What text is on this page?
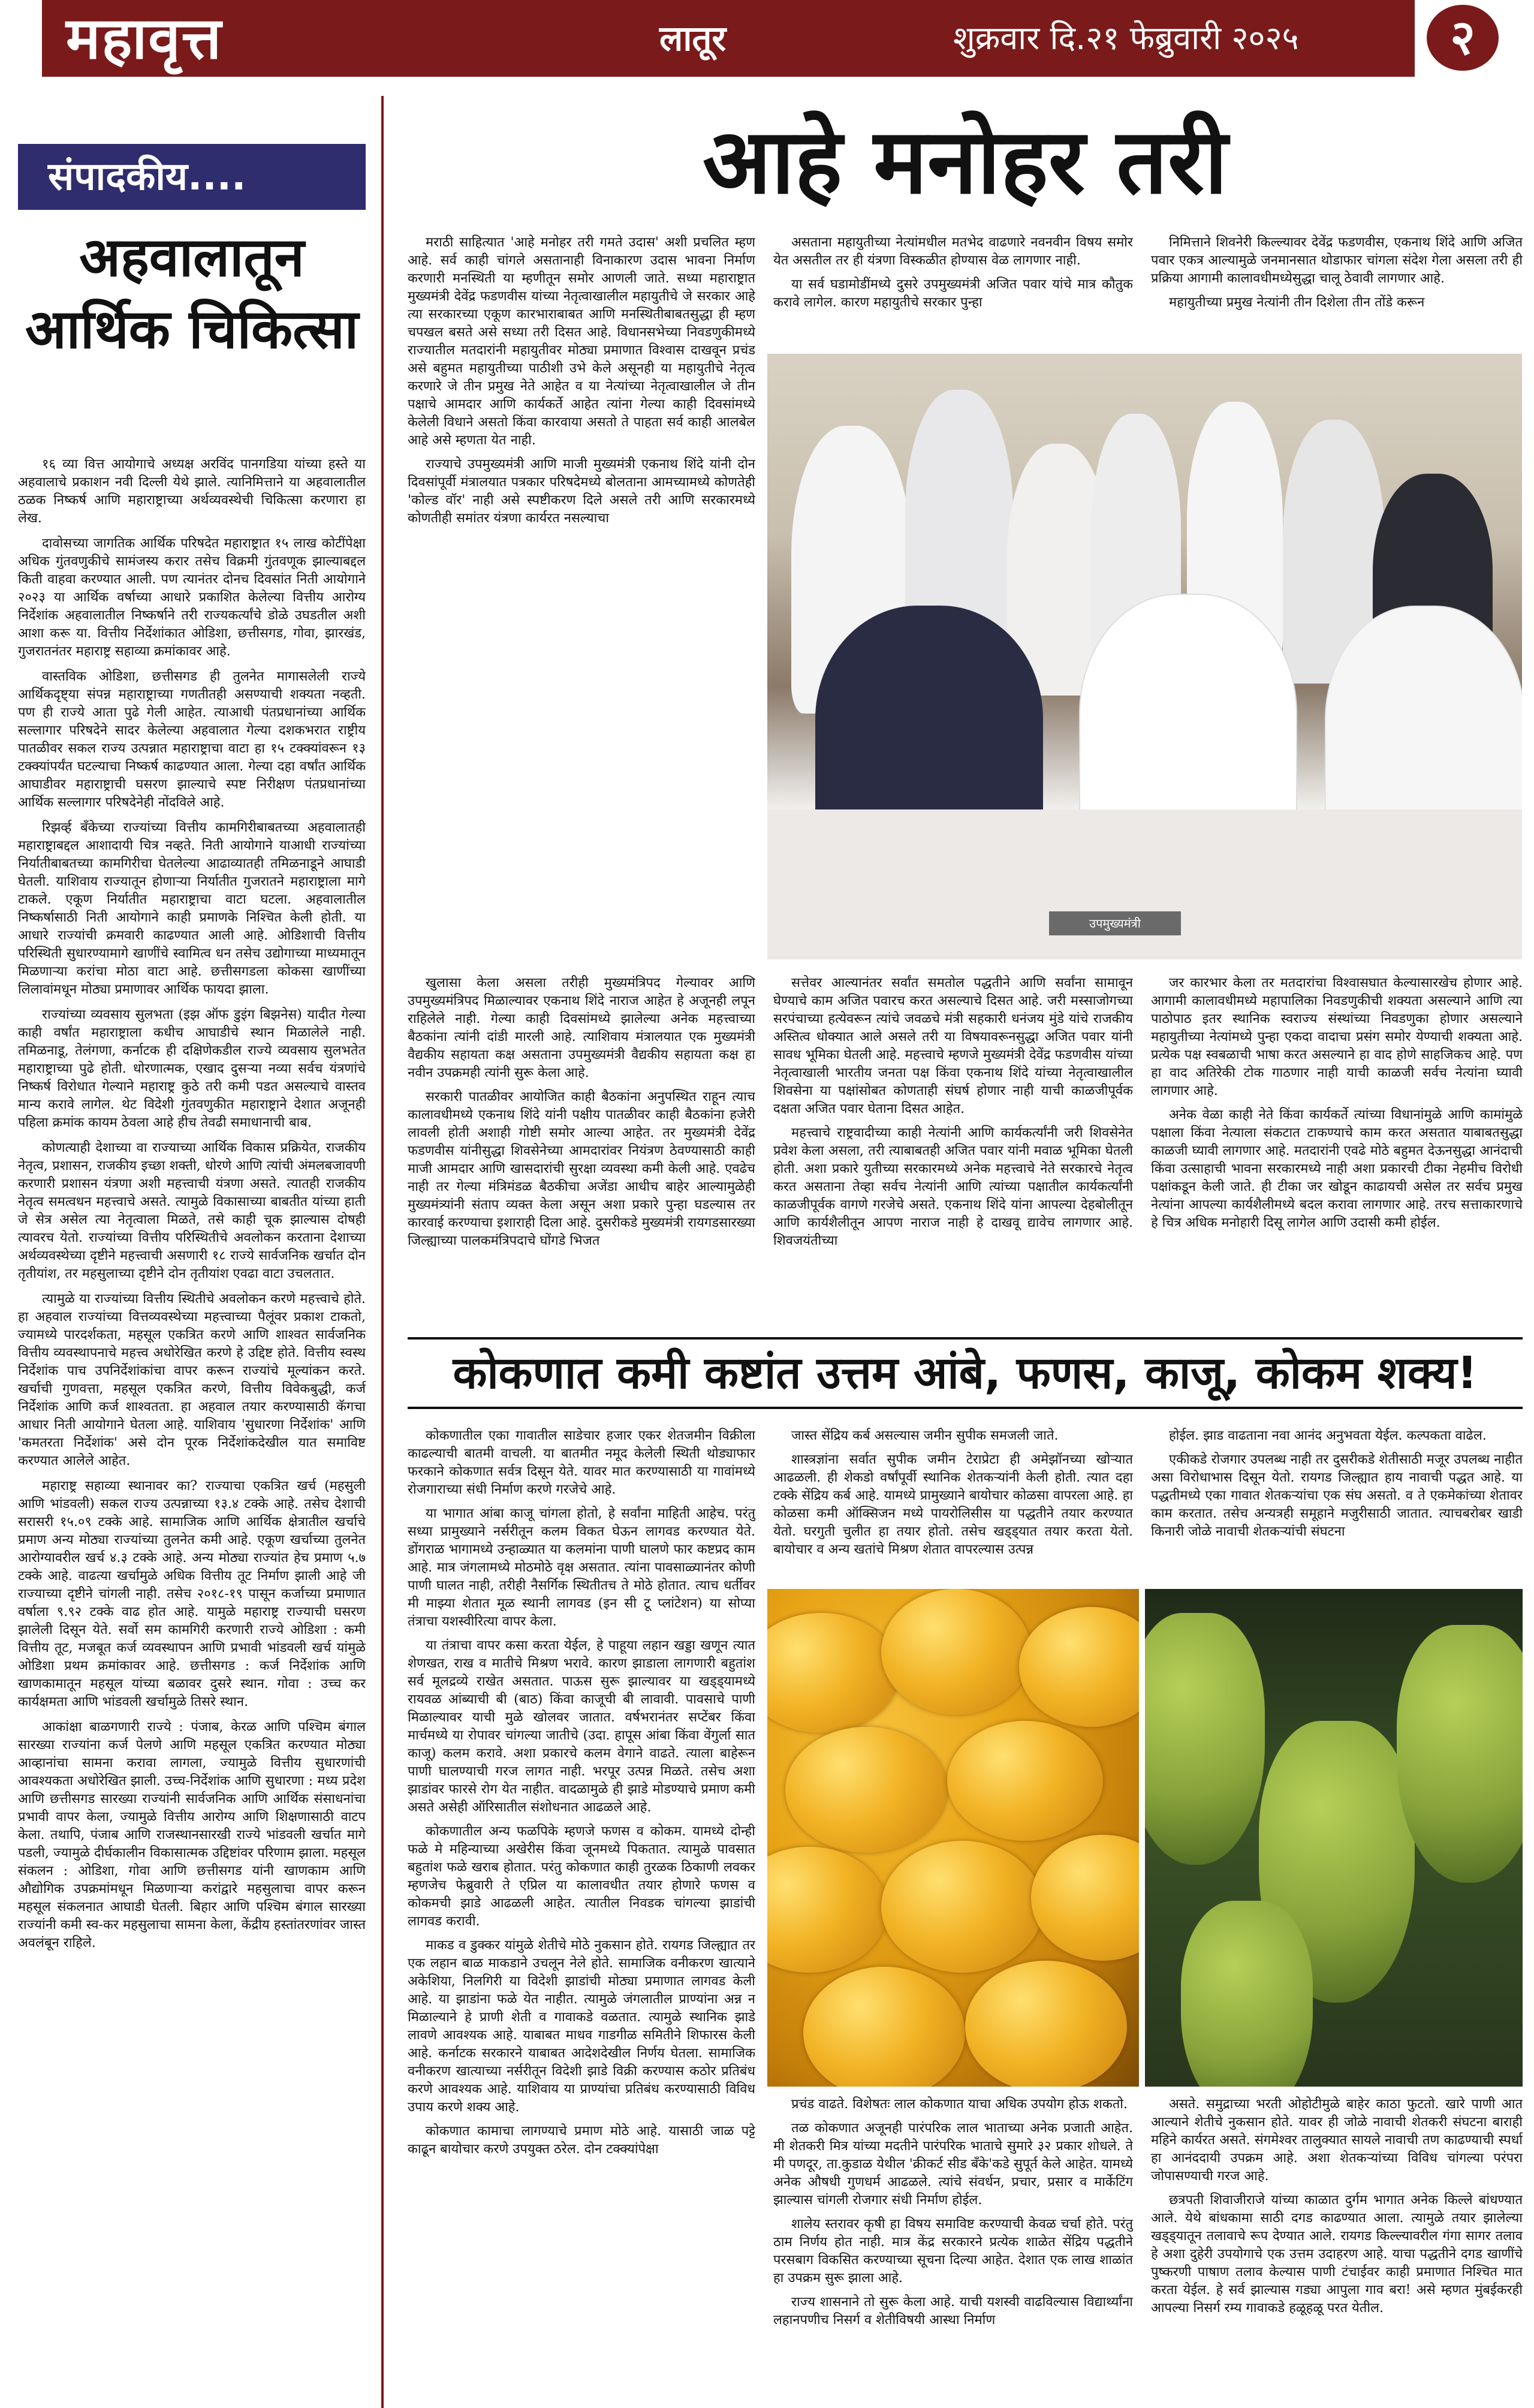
महावृत्त	लातूर	शुक्रवार दि.२१ फेब्रुवारी २०२५	२
संपादकीय....
अहवालातून आर्थिक चिकित्सा

१६ व्या वित्त आयोगाचे अध्यक्ष अरविंद पानगडिया यांच्या हस्ते या अहवालाचे प्रकाशन नवी दिल्ली येथे झाले. त्यानिमित्ताने या अहवालातील ठळक निष्कर्ष आणि महाराष्ट्राच्या अर्थव्यवस्थेची चिकित्सा करणारा हा लेख.

दावोसच्या जागतिक आर्थिक परिषदेत महाराष्ट्रात १५ लाख कोटींपेक्षा अधिक गुंतवणुकीचे सामंजस्य करार तसेच विक्रमी गुंतवणूक झाल्याबद्दल किती वाहवा करण्यात आली. पण त्यानंतर दोनच दिवसांत निती आयोगाने २०२३ या आर्थिक वर्षाच्या आधारे प्रकाशित केलेल्या वित्तीय आरोग्य निर्देशांक अहवालातील निष्कर्षाने तरी राज्यकर्त्यांचे डोळे उघडतील अशी आशा करू या. वित्तीय निर्देशांकात ओडिशा, छत्तीसगड, गोवा, झारखंड, गुजरातनंतर महाराष्ट्र सहाव्या क्रमांकावर आहे.

वास्तविक ओडिशा, छत्तीसगड ही तुलनेत मागासलेली राज्ये आर्थिकदृष्ट्या संपन्न महाराष्ट्राच्या गणतीतही असण्याची शक्यता नव्हती. पण ही राज्ये आता पुढे गेली आहेत. त्याआधी पंतप्रधानांच्या आर्थिक सल्लागार परिषदेने सादर केलेल्या अहवालात गेल्या दशकभरात राष्ट्रीय पातळीवर सकल राज्य उत्पन्नात महाराष्ट्राचा वाटा हा १५ टक्क्यांवरून १३ टक्क्यांपर्यंत घटल्याचा निष्कर्ष काढण्यात आला. गेल्या दहा वर्षांत आर्थिक आघाडीवर महाराष्ट्राची घसरण झाल्याचे स्पष्ट निरीक्षण पंतप्रधानांच्या आर्थिक सल्लागार परिषदेनेही नोंदविले आहे.

रिझर्व्ह बँकेच्या राज्यांच्या वित्तीय कामगिरीबाबतच्या अहवालातही महाराष्ट्राबद्दल आशादायी चित्र नव्हते. निती आयोगाने याआधी राज्यांच्या निर्यातीबाबतच्या कामगिरीचा घेतलेल्या आढाव्यातही तमिळनाडूने आघाडी घेतली. याशिवाय राज्यातून होणाऱ्या निर्यातीत गुजरातने महाराष्ट्राला मागे टाकले. एकूण निर्यातीत महाराष्ट्राचा वाटा घटला. अहवालातील निष्कर्षासाठी निती आयोगाने काही प्रमाणके निश्चित केली होती. या आधारे राज्यांची क्रमवारी काढण्यात आली आहे. ओडिशाची वित्तीय परिस्थिती सुधारण्यामागे खाणींचे स्वामित्व धन तसेच उद्योगाच्या माध्यमातून मिळणाऱ्या करांचा मोठा वाटा आहे. छत्तीसगडला कोकसा खाणींच्या लिलावांमधून मोठ्या प्रमाणावर आर्थिक फायदा झाला.

राज्यांच्या व्यवसाय सुलभता (इझ ऑफ डुइंग बिझनेस) यादीत गेल्या काही वर्षांत महाराष्ट्राला कधीच आघाडीचे स्थान मिळालेले नाही. तमिळनाडू, तेलंगणा, कर्नाटक ही दक्षिणेकडील राज्ये व्यवसाय सुलभतेत महाराष्ट्राच्या पुढे होती. धोरणात्मक, एखाद दुसऱ्या नव्या सर्वच यंत्रणांचे निष्कर्ष विरोधात गेल्याने महाराष्ट्र कुठे तरी कमी पडत असल्याचे वास्तव मान्य करावे लागेल. थेट विदेशी गुंतवणुकीत महाराष्ट्राने देशात अजूनही पहिला क्रमांक कायम ठेवला आहे हीच तेवढी समाधानाची बाब.

कोणत्याही देशाच्या वा राज्याच्या आर्थिक विकास प्रक्रियेत, राजकीय नेतृत्व, प्रशासन, राजकीय इच्छा शक्ती, धोरणे आणि त्यांची अंमलबजावणी करणारी प्रशासन यंत्रणा अशी महत्त्वाची यंत्रणा असते. त्यातही राजकीय नेतृत्व समत्वधन महत्त्वाचे असते. त्यामुळे विकासाच्या बाबतीत यांच्या हाती जे सेत्र असेल त्या नेतृत्वाला मिळते, तसे काही चूक झाल्यास दोषही त्यावरच येतो. राज्यांच्या वित्तीय परिस्थितीचे अवलोकन करताना देशाच्या अर्थव्यवस्थेच्या दृष्टीने महत्त्वाची असणारी १८ राज्ये सार्वजनिक खर्चात दोन तृतीयांश, तर महसुलाच्या दृष्टीने दोन तृतीयांश एवढा वाटा उचलतात.

त्यामुळे या राज्यांच्या वित्तीय स्थितीचे अवलोकन करणे महत्त्वाचे होते. हा अहवाल राज्यांच्या वित्तव्यवस्थेच्या महत्त्वाच्या पैलूंवर प्रकाश टाकतो, ज्यामध्ये पारदर्शकता, महसूल एकत्रित करणे आणि शाश्वत सार्वजनिक वित्तीय व्यवस्थापनाचे महत्त्व अधोरेखित करणे हे उद्दिष्ट होते. वित्तीय स्वस्थ निर्देशांक पाच उपनिर्देशांकांचा वापर करून राज्यांचे मूल्यांकन करते. खर्चाची गुणवत्ता, महसूल एकत्रित करणे, वित्तीय विवेकबुद्धी, कर्ज निर्देशांक आणि कर्ज शाश्वतता. हा अहवाल तयार करण्यासाठी कॅगचा आधार निती आयोगाने घेतला आहे. याशिवाय 'सुधारणा निर्देशांक' आणि 'कमतरता निर्देशांक' असे दोन पूरक निर्देशांकदेखील यात समाविष्ट करण्यात आलेले आहेत.

महाराष्ट्र सहाव्या स्थानावर का? राज्याचा एकत्रित खर्च (महसुली आणि भांडवली) सकल राज्य उत्पन्नाच्या १३.४ टक्के आहे. तसेच देशाची सरासरी १५.०९ टक्के आहे. सामाजिक आणि आर्थिक क्षेत्रातील खर्चाचे प्रमाण अन्य मोठ्या राज्यांच्या तुलनेत कमी आहे. एकूण खर्चाच्या तुलनेत आरोग्यावरील खर्च ४.३ टक्के आहे. अन्य मोठ्या राज्यांत हेच प्रमाण ५.७ टक्के आहे. वाढत्या खर्चामुळे अधिक वित्तीय तूट निर्माण झाली आहे जी राज्याच्या दृष्टीने चांगली नाही. तसेच २०१८-१९ पासून कर्जाच्या प्रमाणात वर्षाला ९.९२ टक्के वाढ होत आहे. यामुळे महाराष्ट्र राज्याची घसरण झालेली दिसून येते. सर्वो सम कामगिरी करणारी राज्ये ओडिशा : कमी वित्तीय तूट, मजबूत कर्ज व्यवस्थापन आणि प्रभावी भांडवली खर्च यांमुळे ओडिशा प्रथम क्रमांकावर आहे. छत्तीसगड : कर्ज निर्देशांक आणि खाणकामातून महसूल यांच्या बळावर दुसरे स्थान. गोवा : उच्च कर कार्यक्षमता आणि भांडवली खर्चामुळे तिसरे स्थान.

आकांक्षा बाळगणारी राज्ये : पंजाब, केरळ आणि पश्चिम बंगाल सारख्या राज्यांना कर्ज पेलणे आणि महसूल एकत्रित करण्यात मोठ्या आव्हानांचा सामना करावा लागला, ज्यामुळे वित्तीय सुधारणांची आवश्यकता अधोरेखित झाली. उच्च-निर्देशांक आणि सुधारणा : मध्य प्रदेश आणि छत्तीसगड सारख्या राज्यांनी सार्वजनिक आणि आर्थिक संसाधनांचा प्रभावी वापर केला, ज्यामुळे वित्तीय आरोग्य आणि शिक्षणासाठी वाटप केला. तथापि, पंजाब आणि राजस्थानसारखी राज्ये भांडवली खर्चात मागे पडली, ज्यामुळे दीर्घकालीन विकासात्मक उद्दिष्टांवर परिणाम झाला. महसूल संकलन : ओडिशा, गोवा आणि छत्तीसगड यांनी खाणकाम आणि औद्योगिक उपक्रमांमधून मिळणाऱ्या करांद्वारे महसुलाचा वापर करून महसूल संकलनात आघाडी घेतली. बिहार आणि पश्चिम बंगाल सारख्या राज्यांनी कमी स्व-कर महसुलाचा सामना केला, केंद्रीय हस्तांतरणांवर जास्त अवलंबून राहिले.

आहे मनोहर तरी

मराठी साहित्यात 'आहे मनोहर तरी गमते उदास' अशी प्रचलित म्हण आहे. सर्व काही चांगले असतानाही विनाकारण उदास भावना निर्माण करणारी मनस्थिती या म्हणीतून समोर आणली जाते. सध्या महाराष्ट्रात मुख्यमंत्री देवेंद्र फडणवीस यांच्या नेतृत्वाखालील महायुतीचे जे सरकार आहे त्या सरकारच्या एकूण कारभाराबाबत आणि मनस्थितीबाबतसुद्धा ही म्हण चपखल बसते असे सध्या तरी दिसत आहे. विधानसभेच्या निवडणुकीमध्ये राज्यातील मतदारांनी महायुतीवर मोठ्या प्रमाणात विश्वास दाखवून प्रचंड असे बहुमत महायुतीच्या पाठीशी उभे केले असूनही या महायुतीचे नेतृत्व करणारे जे तीन प्रमुख नेते आहेत व या नेत्यांच्या नेतृत्वाखालील जे तीन पक्षाचे आमदार आणि कार्यकर्ते आहेत त्यांना गेल्या काही दिवसांमध्ये केलेली विधाने असतो किंवा कारवाया असतो ते पाहता सर्व काही आलबेल आहे असे म्हणता येत नाही.

राज्याचे उपमुख्यमंत्री आणि माजी मुख्यमंत्री एकनाथ शिंदे यांनी दोन दिवसांपूर्वी मंत्रालयात पत्रकार परिषदेमध्ये बोलताना आमच्यामध्ये कोणतेही 'कोल्ड वॉर' नाही असे स्पष्टीकरण दिले असले तरी आणि सरकारमध्ये कोणतीही समांतर यंत्रणा कार्यरत नसल्याचा

असताना महायुतीच्या नेत्यांमधील मतभेद वाढणारे नवनवीन विषय समोर येत असतील तर ही यंत्रणा विस्कळीत होण्यास वेळ लागणार नाही.

या सर्व घडामोडींमध्ये दुसरे उपमुख्यमंत्री अजित पवार यांचे मात्र कौतुक करावे लागेल. कारण महायुतीचे सरकार पुन्हा

निमित्ताने शिवनेरी किल्ल्यावर देवेंद्र फडणवीस, एकनाथ शिंदे आणि अजित पवार एकत्र आल्यामुळे जनमानसात थोडाफार चांगला संदेश गेला असला तरी ही प्रक्रिया आगामी कालावधीमध्येसुद्धा चालू ठेवावी लागणार आहे.

महायुतीच्या प्रमुख नेत्यांनी तीन दिशेला तीन तोंडे करून

उपमुख्यमंत्री

खुलासा केला असला तरीही मुख्यमंत्रिपद गेल्यावर आणि उपमुख्यमंत्रिपद मिळाल्यावर एकनाथ शिंदे नाराज आहेत हे अजूनही लपून राहिलेले नाही. गेल्या काही दिवसांमध्ये झालेल्या अनेक महत्त्वाच्या बैठकांना त्यांनी दांडी मारली आहे. त्याशिवाय मंत्रालयात एक मुख्यमंत्री वैद्यकीय सहायता कक्ष असताना उपमुख्यमंत्री वैद्यकीय सहायता कक्ष हा नवीन उपक्रमही त्यांनी सुरू केला आहे.

सरकारी पातळीवर आयोजित काही बैठकांना अनुपस्थित राहून त्याच कालावधीमध्ये एकनाथ शिंदे यांनी पक्षीय पातळीवर काही बैठकांना हजेरी लावली होती अशाही गोष्टी समोर आल्या आहेत. तर मुख्यमंत्री देवेंद्र फडणवीस यांनीसुद्धा शिवसेनेच्या आमदारांवर नियंत्रण ठेवण्यासाठी काही माजी आमदार आणि खासदारांची सुरक्षा व्यवस्था कमी केली आहे. एवढेच नाही तर गेल्या मंत्रिमंडळ बैठकीचा अजेंडा आधीच बाहेर आल्यामुळेही मुख्यमंत्र्यांनी संताप व्यक्त केला असून अशा प्रकारे पुन्हा घडल्यास तर कारवाई करण्याचा इशाराही दिला आहे. दुसरीकडे मुख्यमंत्री रायगडसारख्या जिल्ह्याच्या पालकमंत्रिपदाचे घोंगडे भिजत

सत्तेवर आल्यानंतर सर्वांत समतोल पद्धतीने आणि सर्वांना सामावून घेण्याचे काम अजित पवारच करत असल्याचे दिसत आहे. जरी मस्साजोगच्या सरपंचाच्या हत्येवरून त्यांचे जवळचे मंत्री सहकारी धनंजय मुंडे यांचे राजकीय अस्तित्व धोक्यात आले असले तरी या विषयावरूनसुद्धा अजित पवार यांनी सावध भूमिका घेतली आहे. महत्त्वाचे म्हणजे मुख्यमंत्री देवेंद्र फडणवीस यांच्या नेतृत्वाखाली भारतीय जनता पक्ष किंवा एकनाथ शिंदे यांच्या नेतृत्वाखालील शिवसेना या पक्षांसोबत कोणताही संघर्ष होणार नाही याची काळजीपूर्वक दक्षता अजित पवार घेताना दिसत आहेत.

महत्त्वाचे राष्ट्रवादीच्या काही नेत्यांनी आणि कार्यकर्त्यांनी जरी शिवसेनेत प्रवेश केला असला, तरी त्याबाबतही अजित पवार यांनी मवाळ भूमिका घेतली होती. अशा प्रकारे युतीच्या सरकारमध्ये अनेक महत्त्वाचे नेते सरकारचे नेतृत्व करत असताना तेव्हा सर्वच नेत्यांनी आणि त्यांच्या पक्षातील कार्यकर्त्यांनी काळजीपूर्वक वागणे गरजेचे असते. एकनाथ शिंदे यांना आपल्या देहबोलीतून आणि कार्यशैलीतून आपण नाराज नाही हे दाखवू द्यावेच लागणार आहे. शिवजयंतीच्या

जर कारभार केला तर मतदारांचा विश्वासघात केल्यासारखेच होणार आहे. आगामी कालावधीमध्ये महापालिका निवडणुकीची शक्यता असल्याने आणि त्या पाठोपाठ इतर स्थानिक स्वराज्य संस्थांच्या निवडणुका होणार असल्याने महायुतीच्या नेत्यांमध्ये पुन्हा एकदा वादाचा प्रसंग समोर येण्याची शक्यता आहे. प्रत्येक पक्ष स्वबळाची भाषा करत असल्याने हा वाद होणे साहजिकच आहे. पण हा वाद अतिरेकी टोक गाठणार नाही याची काळजी सर्वच नेत्यांना घ्यावी लागणार आहे.

अनेक वेळा काही नेते किंवा कार्यकर्ते त्यांच्या विधानांमुळे आणि कामांमुळे पक्षाला किंवा नेत्याला संकटात टाकण्याचे काम करत असतात याबाबतसुद्धा काळजी घ्यावी लागणार आहे. मतदारांनी एवढे मोठे बहुमत देऊनसुद्धा आनंदाची किंवा उत्साहाची भावना सरकारमध्ये नाही अशा प्रकारची टीका नेहमीच विरोधी पक्षांकडून केली जाते. ही टीका जर खोडून काढायची असेल तर सर्वच प्रमुख नेत्यांना आपल्या कार्यशैलीमध्ये बदल करावा लागणार आहे. तरच सत्ताकारणाचे हे चित्र अधिक मनोहारी दिसू लागेल आणि उदासी कमी होईल.

कोकणात कमी कष्टांत उत्तम आंबे, फणस, काजू, कोकम शक्य!

कोकणातील एका गावातील साडेचार हजार एकर शेतजमीन विक्रीला काढल्याची बातमी वाचली. या बातमीत नमूद केलेली स्थिती थोड्याफार फरकाने कोकणात सर्वत्र दिसून येते. यावर मात करण्यासाठी या गावांमध्ये रोजगाराच्या संधी निर्माण करणे गरजेचे आहे.

या भागात आंबा काजू चांगला होतो, हे सर्वांना माहिती आहेच. परंतु सध्या प्रामुख्याने नर्सरीतून कलम विकत घेऊन लागवड करण्यात येते. डोंगराळ भागामध्ये उन्हाळ्यात या कलमांना पाणी घालणे फार कष्टप्रद काम आहे. मात्र जंगलामध्ये मोठमोठे वृक्ष असतात. त्यांना पावसाळ्यानंतर कोणी पाणी घालत नाही, तरीही नैसर्गिक स्थितीतच ते मोठे होतात. त्याच धर्तीवर मी माझ्या शेतात मूळ स्थानी लागवड (इन सी टू प्लांटेशन) या सोप्या तंत्राचा यशस्वीरित्या वापर केला.

या तंत्राचा वापर कसा करता येईल, हे पाहूया लहान खड्डा खणून त्यात शेणखत, राख व मातीचे मिश्रण भरावे. कारण झाडाला लागणारी बहुतांश सर्व मूलद्रव्ये राखेत असतात. पाऊस सुरू झाल्यावर या खड्ड्यामध्ये रायवळ आंब्याची बी (बाठ) किंवा काजूची बी लावावी. पावसाचे पाणी मिळाल्यावर याची मुळे खोलवर जातात. वर्षभरानंतर सप्टेंबर किंवा मार्चमध्ये या रोपावर चांगल्या जातीचे (उदा. हापूस आंबा किंवा वेंगुर्ला सात काजू) कलम करावे. अशा प्रकारचे कलम वेगाने वाढते. त्याला बाहेरून पाणी घालण्याची गरज लागत नाही. भरपूर उत्पन्न मिळते. तसेच अशा झाडांवर फारसे रोग येत नाहीत. वादळामुळे ही झाडे मोडण्याचे प्रमाण कमी असते असेही ऑरिसातील संशोधनात आढळले आहे.

कोकणातील अन्य फळपिके म्हणजे फणस व कोकम. यामध्ये दोन्ही फळे मे महिन्याच्या अखेरीस किंवा जूनमध्ये पिकतात. त्यामुळे पावसात बहुतांश फळे खराब होतात. परंतु कोकणात काही तुरळक ठिकाणी लवकर म्हणजेच फेब्रुवारी ते एप्रिल या कालावधीत तयार होणारे फणस व कोकमची झाडे आढळली आहेत. त्यातील निवडक चांगल्या झाडांची लागवड करावी.

माकड व डुक्कर यांमुळे शेतीचे मोठे नुकसान होते. रायगड जिल्ह्यात तर एक लहान बाळ माकडाने उचलून नेले होते. सामाजिक वनीकरण खात्याने अकेशिया, निलगिरी या विदेशी झाडांची मोठ्या प्रमाणात लागवड केली आहे. या झाडांना फळे येत नाहीत. त्यामुळे जंगलातील प्राण्यांना अन्न न मिळाल्याने हे प्राणी शेती व गावाकडे वळतात. त्यामुळे स्थानिक झाडे लावणे आवश्यक आहे. याबाबत माधव गाडगीळ समितीने शिफारस केली आहे. कर्नाटक सरकारने याबाबत आदेशदेखील निर्णय घेतला. सामाजिक वनीकरण खात्याच्या नर्सरीतून विदेशी झाडे विक्री करण्यास कठोर प्रतिबंध करणे आवश्यक आहे. याशिवाय या प्राण्यांचा प्रतिबंध करण्यासाठी विविध उपाय करणे शक्य आहे.

कोकणात कामाचा लागण्याचे प्रमाण मोठे आहे. यासाठी जाळ पट्टे काढून बायोचार करणे उपयुक्त ठरेल. दोन टक्क्यांपेक्षा

जास्त सेंद्रिय कर्ब असल्यास जमीन सुपीक समजली जाते.

शास्त्रज्ञांना सर्वात सुपीक जमीन टेराप्रेटा ही अमेझॉनच्या खोऱ्यात आढळली. ही शेकडो वर्षांपूर्वी स्थानिक शेतकऱ्यांनी केली होती. त्यात दहा टक्के सेंद्रिय कर्ब आहे. यामध्ये प्रामुख्याने बायोचार कोळसा वापरला आहे. हा कोळसा कमी ऑक्सिजन मध्ये पायरोलिसीस या पद्धतीने तयार करण्यात येतो. घरगुती चुलीत हा तयार होतो. तसेच खड्ड्यात तयार करता येतो. बायोचार व अन्य खतांचे मिश्रण शेतात वापरल्यास उत्पन्न

होईल. झाड वाढताना नवा आनंद अनुभवता येईल. कल्पकता वाढेल.

एकीकडे रोजगार उपलब्ध नाही तर दुसरीकडे शेतीसाठी मजूर उपलब्ध नाहीत असा विरोधाभास दिसून येतो. रायगड जिल्ह्यात हाय नावाची पद्धत आहे. या पद्धतीमध्ये एका गावात शेतकऱ्यांचा एक संघ असतो. व ते एकमेकांच्या शेतावर काम करतात. तसेच अन्यत्रही समूहाने मजुरीसाठी जातात. त्याचबरोबर खाडी किनारी जोळे नावाची शेतकऱ्यांची संघटना

प्रचंड वाढते. विशेषतः लाल कोकणात याचा अधिक उपयोग होऊ शकतो.

तळ कोकणात अजूनही पारंपरिक लाल भाताच्या अनेक प्रजाती आहेत. मी शेतकरी मित्र यांच्या मदतीने पारंपरिक भाताचे सुमारे ३२ प्रकार शोधले. ते मी पणदूर, ता.कुडाळ येथील 'क्रीकर्ट सीड बँके'कडे सुपूर्त केले आहेत. यामध्ये अनेक औषधी गुणधर्म आढळले. त्यांचे संवर्धन, प्रचार, प्रसार व मार्केटिंग झाल्यास चांगली रोजगार संधी निर्माण होईल.

शालेय स्तरावर कृषी हा विषय समाविष्ट करण्याची केवळ चर्चा होते. परंतु ठाम निर्णय होत नाही. मात्र केंद्र सरकारने प्रत्येक शाळेत सेंद्रिय पद्धतीने परसबाग विकसित करण्याच्या सूचना दिल्या आहेत. देशात एक लाख शाळांत हा उपक्रम सुरू झाला आहे.

राज्य शासनाने तो सुरू केला आहे. याची यशस्वी वाढविल्यास विद्यार्थ्यांना लहानपणीच निसर्ग व शेतीविषयी आस्था निर्माण

असते. समुद्राच्या भरती ओहोटीमुळे बाहेर काठा फुटतो. खारे पाणी आत आल्याने शेतीचे नुकसान होते. यावर ही जोळे नावाची शेतकरी संघटना बाराही महिने कार्यरत असते. संगमेश्वर तालुक्यात सायले नावाची तण काढण्याची स्पर्धा हा आनंददायी उपक्रम आहे. अशा शेतकऱ्यांच्या विविध चांगल्या परंपरा जोपासण्याची गरज आहे.

छत्रपती शिवाजीराजे यांच्या काळात दुर्गम भागात अनेक किल्ले बांधण्यात आले. येथे बांधकामा साठी दगड काढण्यात आला. त्यामुळे तयार झालेल्या खड्ड्यातून तलावाचे रूप देण्यात आले. रायगड किल्ल्यावरील गंगा सागर तलाव हे अशा दुहेरी उपयोगाचे एक उत्तम उदाहरण आहे. याचा पद्धतीने दगड खाणींचे पुष्करणी पाषाण तलाव केल्यास पाणी टंचाईवर काही प्रमाणात निश्चित मात करता येईल. हे सर्व झाल्यास गड्या आपुला गाव बरा! असे म्हणत मुंबईकरही आपल्या निसर्ग रम्य गावाकडे हळूहळू परत येतील.
